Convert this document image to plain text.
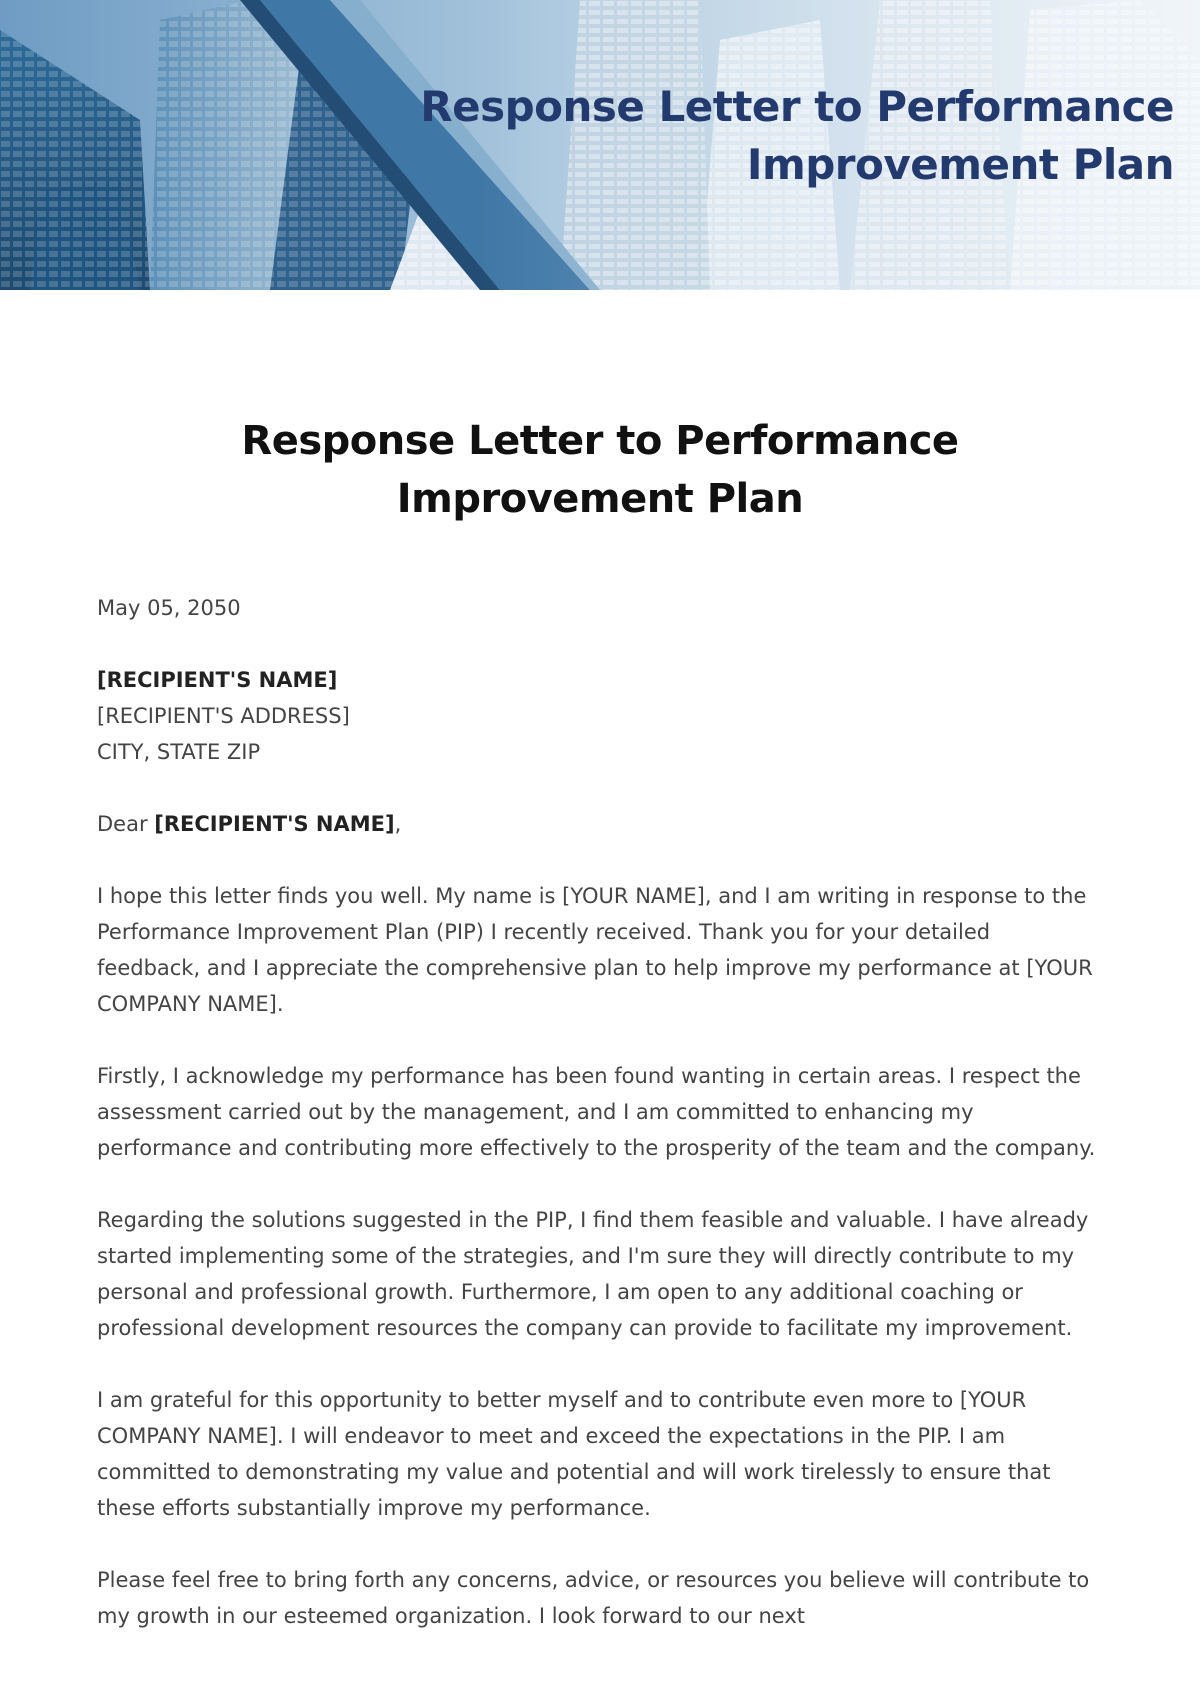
Response Letter to Performance Improvement Plan
Response Letter to Performance Improvement Plan

May 05, 2050

[RECIPIENT'S NAME]
[RECIPIENT'S ADDRESS]
CITY, STATE ZIP

Dear [RECIPIENT'S NAME],

I hope this letter finds you well. My name is [YOUR NAME], and I am writing in response to the Performance Improvement Plan (PIP) I recently received. Thank you for your detailed feedback, and I appreciate the comprehensive plan to help improve my performance at [YOUR COMPANY NAME].

Firstly, I acknowledge my performance has been found wanting in certain areas. I respect the assessment carried out by the management, and I am committed to enhancing my performance and contributing more effectively to the prosperity of the team and the company.

Regarding the solutions suggested in the PIP, I find them feasible and valuable. I have already started implementing some of the strategies, and I'm sure they will directly contribute to my personal and professional growth. Furthermore, I am open to any additional coaching or professional development resources the company can provide to facilitate my improvement.

I am grateful for this opportunity to better myself and to contribute even more to [YOUR COMPANY NAME]. I will endeavor to meet and exceed the expectations in the PIP. I am committed to demonstrating my value and potential and will work tirelessly to ensure that these efforts substantially improve my performance.

Please feel free to bring forth any concerns, advice, or resources you believe will contribute to my growth in our esteemed organization. I look forward to our next
